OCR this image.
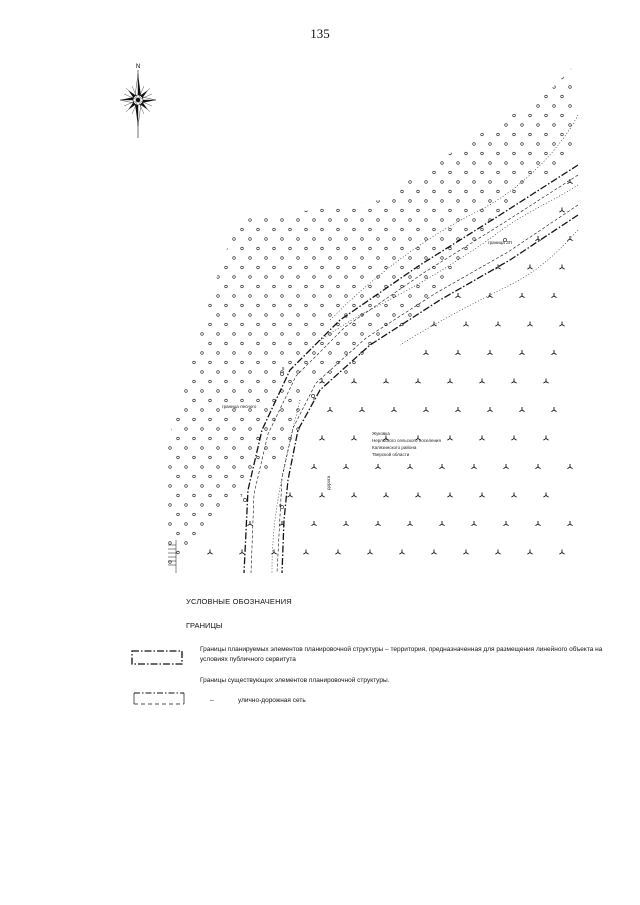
135
N
5
6
7
8
9
граница ЗП
граница лесного
Жуковка
Нерльского сельского поселения
Калязинского района
Тверской области
дорога
УСЛОВНЫЕ ОБОЗНАЧЕНИЯ
ГРАНИЦЫ
Границы планируемых элементов планировочной структуры – территория, предназначенная для размещения линейного объекта на условиях публичного сервитута
Границы существующих элементов планировочной структуры.
–	улично-дорожная сеть
